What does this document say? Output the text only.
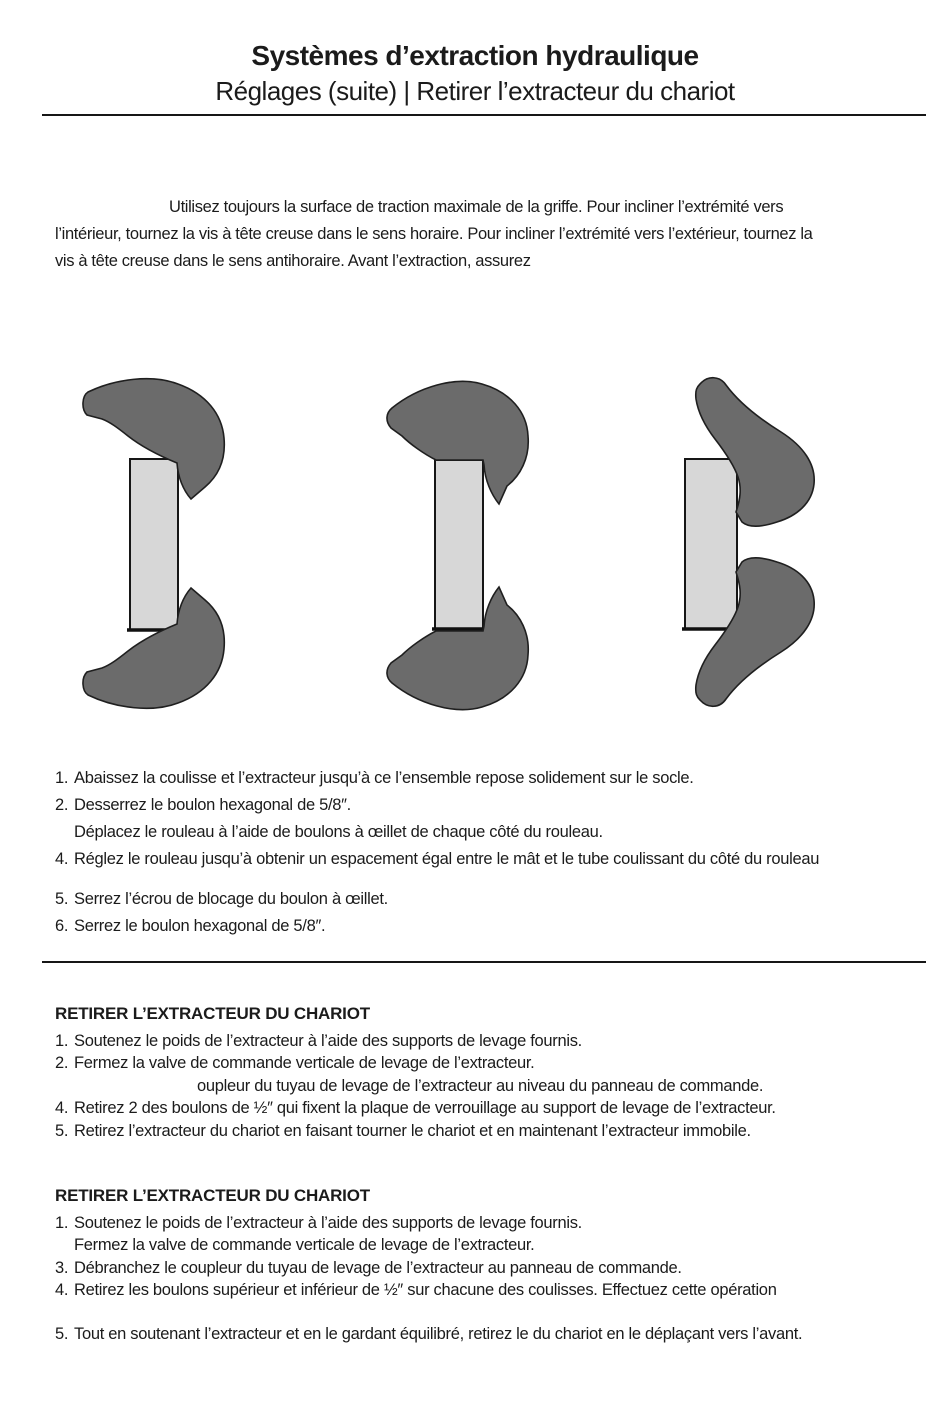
Systèmes d’extraction hydraulique
Réglages (suite) | Retirer l’extracteur du chariot
Utilisez toujours la surface de traction maximale de la griffe. Pour incliner l’extrémité vers
l’intérieur, tournez la vis à tête creuse dans le sens horaire. Pour incliner l’extrémité vers l’extérieur, tournez la
vis à tête creuse dans le sens antihoraire. Avant l’extraction, assurez
1. Abaissez la coulisse et l’extracteur jusqu’à ce l’ensemble repose solidement sur le socle.
2. Desserrez le boulon hexagonal de 5/8″.
Déplacez le rouleau à l’aide de boulons à œillet de chaque côté du rouleau.
4. Réglez le rouleau jusqu’à obtenir un espacement égal entre le mât et le tube coulissant du côté du rouleau
5. Serrez l’écrou de blocage du boulon à œillet.
6. Serrez le boulon hexagonal de 5/8″.
RETIRER L’EXTRACTEUR DU CHARIOT
1. Soutenez le poids de l’extracteur à l’aide des supports de levage fournis.
2. Fermez la valve de commande verticale de levage de l’extracteur.
oupleur du tuyau de levage de l’extracteur au niveau du panneau de commande.
4. Retirez 2 des boulons de ½″ qui fixent la plaque de verrouillage au support de levage de l’extracteur.
5. Retirez l’extracteur du chariot en faisant tourner le chariot et en maintenant l’extracteur immobile.
RETIRER L’EXTRACTEUR DU CHARIOT
1. Soutenez le poids de l’extracteur à l’aide des supports de levage fournis.
Fermez la valve de commande verticale de levage de l’extracteur.
3. Débranchez le coupleur du tuyau de levage de l’extracteur au panneau de commande.
4. Retirez les boulons supérieur et inférieur de ½″ sur chacune des coulisses. Effectuez cette opération
5. Tout en soutenant l’extracteur et en le gardant équilibré, retirez le du chariot en le déplaçant vers l’avant.
